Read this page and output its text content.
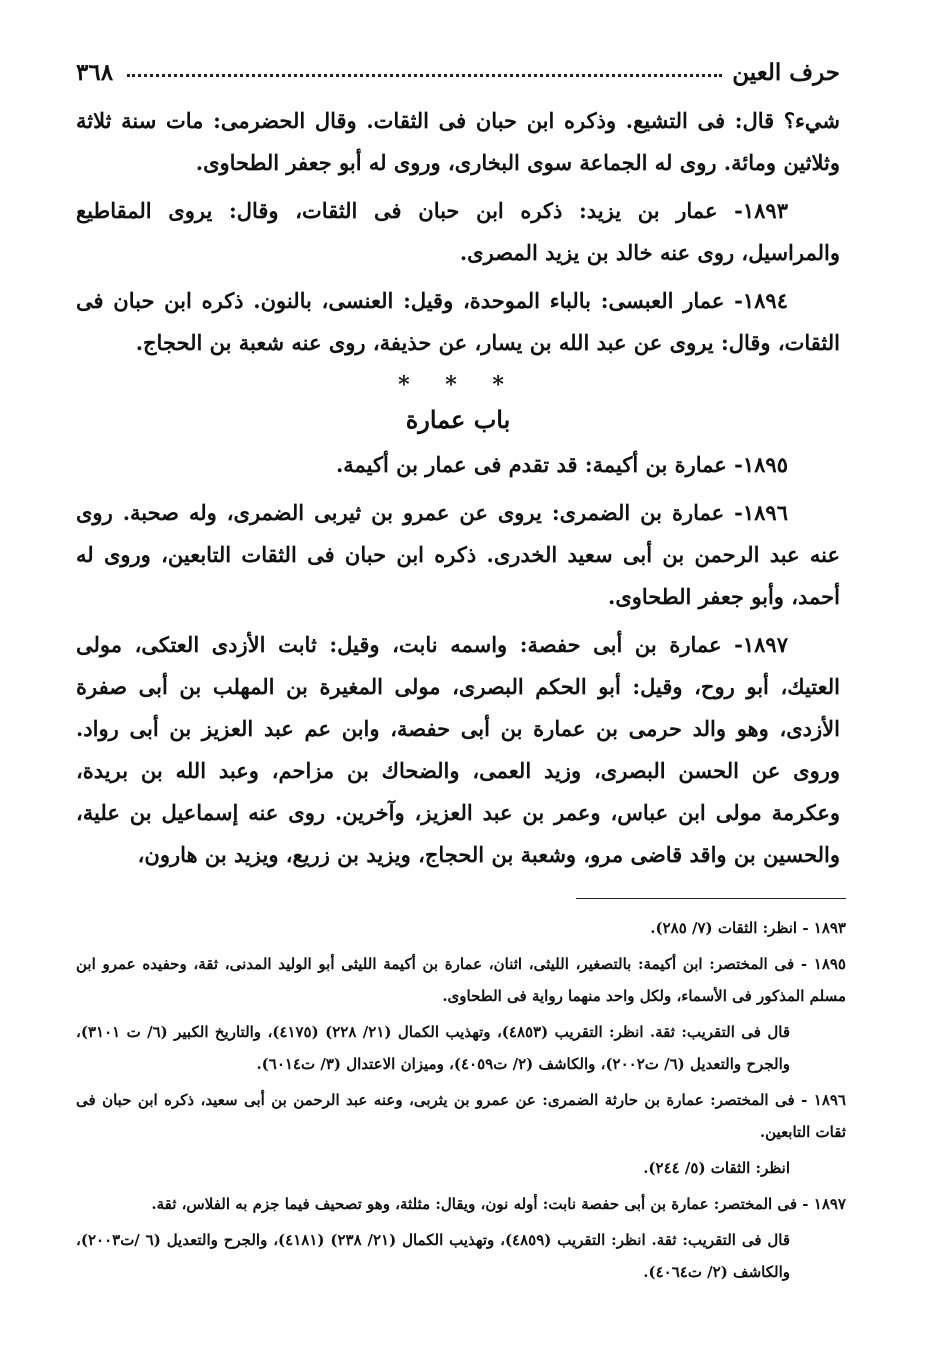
حرف العين
٣٦٨

شيء؟ قال: فى التشيع. وذكره ابن حبان فى الثقات. وقال الحضرمى: مات سنة ثلاثة وثلاثين ومائة. روى له الجماعة سوى البخارى، وروى له أبو جعفر الطحاوى.

١٨٩٣- عمار بن يزيد: ذكره ابن حبان فى الثقات، وقال: يروى المقاطيع والمراسيل، روى عنه خالد بن يزيد المصرى.

١٨٩٤- عمار العبسى: بالباء الموحدة، وقيل: العنسى، بالنون. ذكره ابن حبان فى الثقات، وقال: يروى عن عبد الله بن يسار، عن حذيفة، روى عنه شعبة بن الحجاج.

* * *
باب عمارة

١٨٩٥- عمارة بن أكيمة: قد تقدم فى عمار بن أكيمة.

١٨٩٦- عمارة بن الضمرى: يروى عن عمرو بن ثيربى الضمرى، وله صحبة. روى عنه عبد الرحمن بن أبى سعيد الخدرى. ذكره ابن حبان فى الثقات التابعين، وروى له أحمد، وأبو جعفر الطحاوى.

١٨٩٧- عمارة بن أبى حفصة: واسمه نابت، وقيل: ثابت الأزدى العتكى، مولى العتيك، أبو روح، وقيل: أبو الحكم البصرى، مولى المغيرة بن المهلب بن أبى صفرة الأزدى، وهو والد حرمى بن عمارة بن أبى حفصة، وابن عم عبد العزيز بن أبى رواد. وروى عن الحسن البصرى، وزيد العمى، والضحاك بن مزاحم، وعبد الله بن بريدة، وعكرمة مولى ابن عباس، وعمر بن عبد العزيز، وآخرين. روى عنه إسماعيل بن علية، والحسين بن واقد قاضى مرو، وشعبة بن الحجاج، ويزيد بن زريع، ويزيد بن هارون،

١٨٩٣ - انظر: الثقات (٧/ ٢٨٥).

١٨٩٥ - فى المختصر: ابن أكيمة: بالتصغير، الليثى، اثنان، عمارة بن أكيمة الليثى أبو الوليد المدنى، ثقة، وحفيده عمرو ابن مسلم المذكور فى الأسماء، ولكل واحد منهما رواية فى الطحاوى.

قال فى التقريب: ثقة. انظر: التقريب (٤٨٥٣)، وتهذيب الكمال (٢١/ ٢٢٨) (٤١٧٥)، والتاريخ الكبير (٦/ ت ٣١٠١)، والجرح والتعديل (٦/ ت٢٠٠٢)، والكاشف (٢/ ت٤٠٥٩)، وميزان الاعتدال (٣/ ت٦٠١٤).

١٨٩٦ - فى المختصر: عمارة بن حارثة الضمرى: عن عمرو بن يثربى، وعنه عبد الرحمن بن أبى سعيد، ذكره ابن حبان فى ثقات التابعين.

انظر: الثقات (٥/ ٢٤٤).

١٨٩٧ - فى المختصر: عمارة بن أبى حفصة نابت: أوله نون، ويقال: مثلثة، وهو تصحيف فيما جزم به الفلاس، ثقة.

قال فى التقريب: ثقة. انظر: التقريب (٤٨٥٩)، وتهذيب الكمال (٢١/ ٢٣٨) (٤١٨١)، والجرح والتعديل (٦ /ت٢٠٠٣)، والكاشف (٢/ ت٤٠٦٤).
